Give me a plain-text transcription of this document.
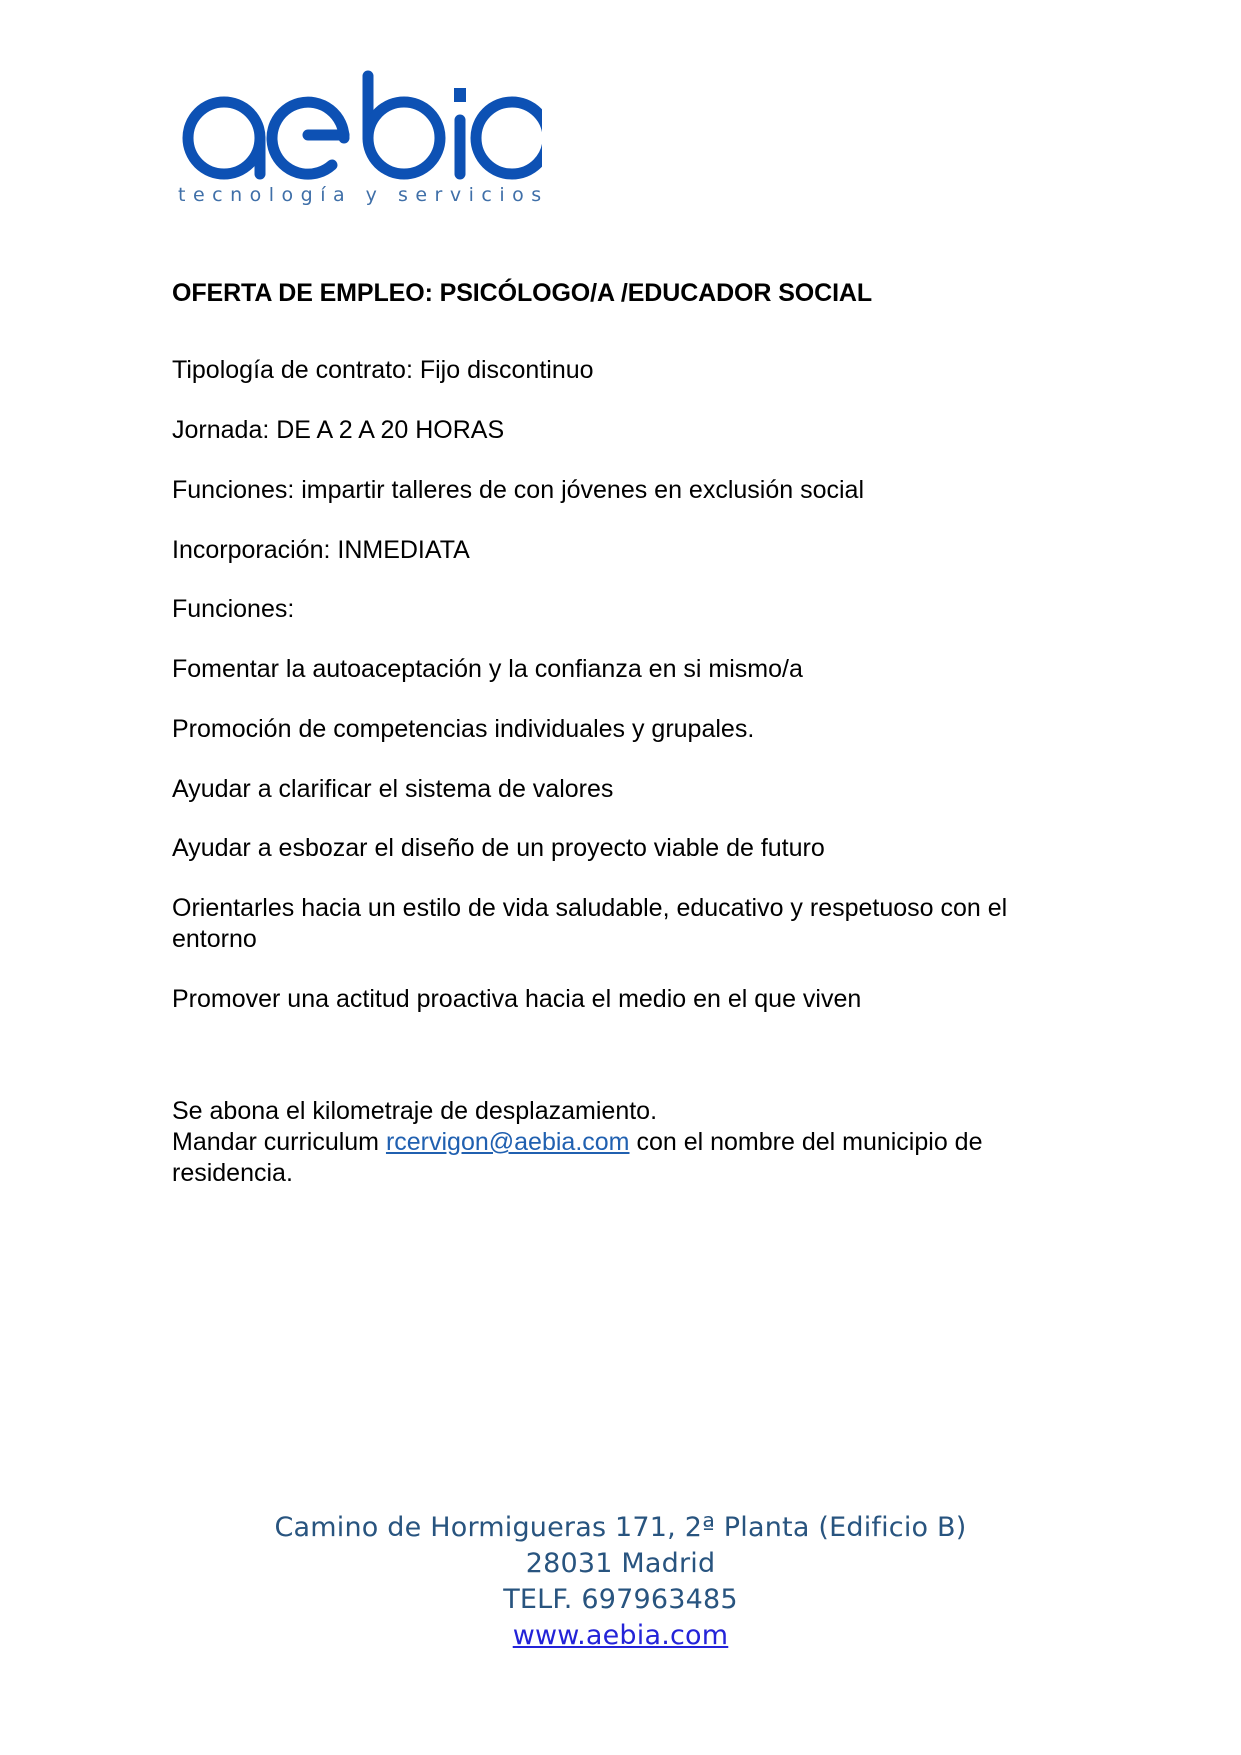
tecnología y servicios
OFERTA DE EMPLEO: PSICÓLOGO/A /EDUCADOR SOCIAL

Tipología de contrato: Fijo discontinuo

Jornada: DE A 2 A 20 HORAS

Funciones: impartir talleres de con jóvenes en exclusión social

Incorporación: INMEDIATA

Funciones:

Fomentar la autoaceptación y la confianza en si mismo/a

Promoción de competencias individuales y grupales.

Ayudar a clarificar el sistema de valores

Ayudar a esbozar el diseño de un proyecto viable de futuro

Orientarles hacia un estilo de vida saludable, educativo y respetuoso con el entorno

Promover una actitud proactiva hacia el medio en el que viven

Se abona el kilometraje de desplazamiento.

Mandar curriculum rcervigon@aebia.com con el nombre del municipio de residencia.

Camino de Hormigueras 171, 2ª Planta (Edificio B)
28031 Madrid
TELF. 697963485
www.aebia.com
